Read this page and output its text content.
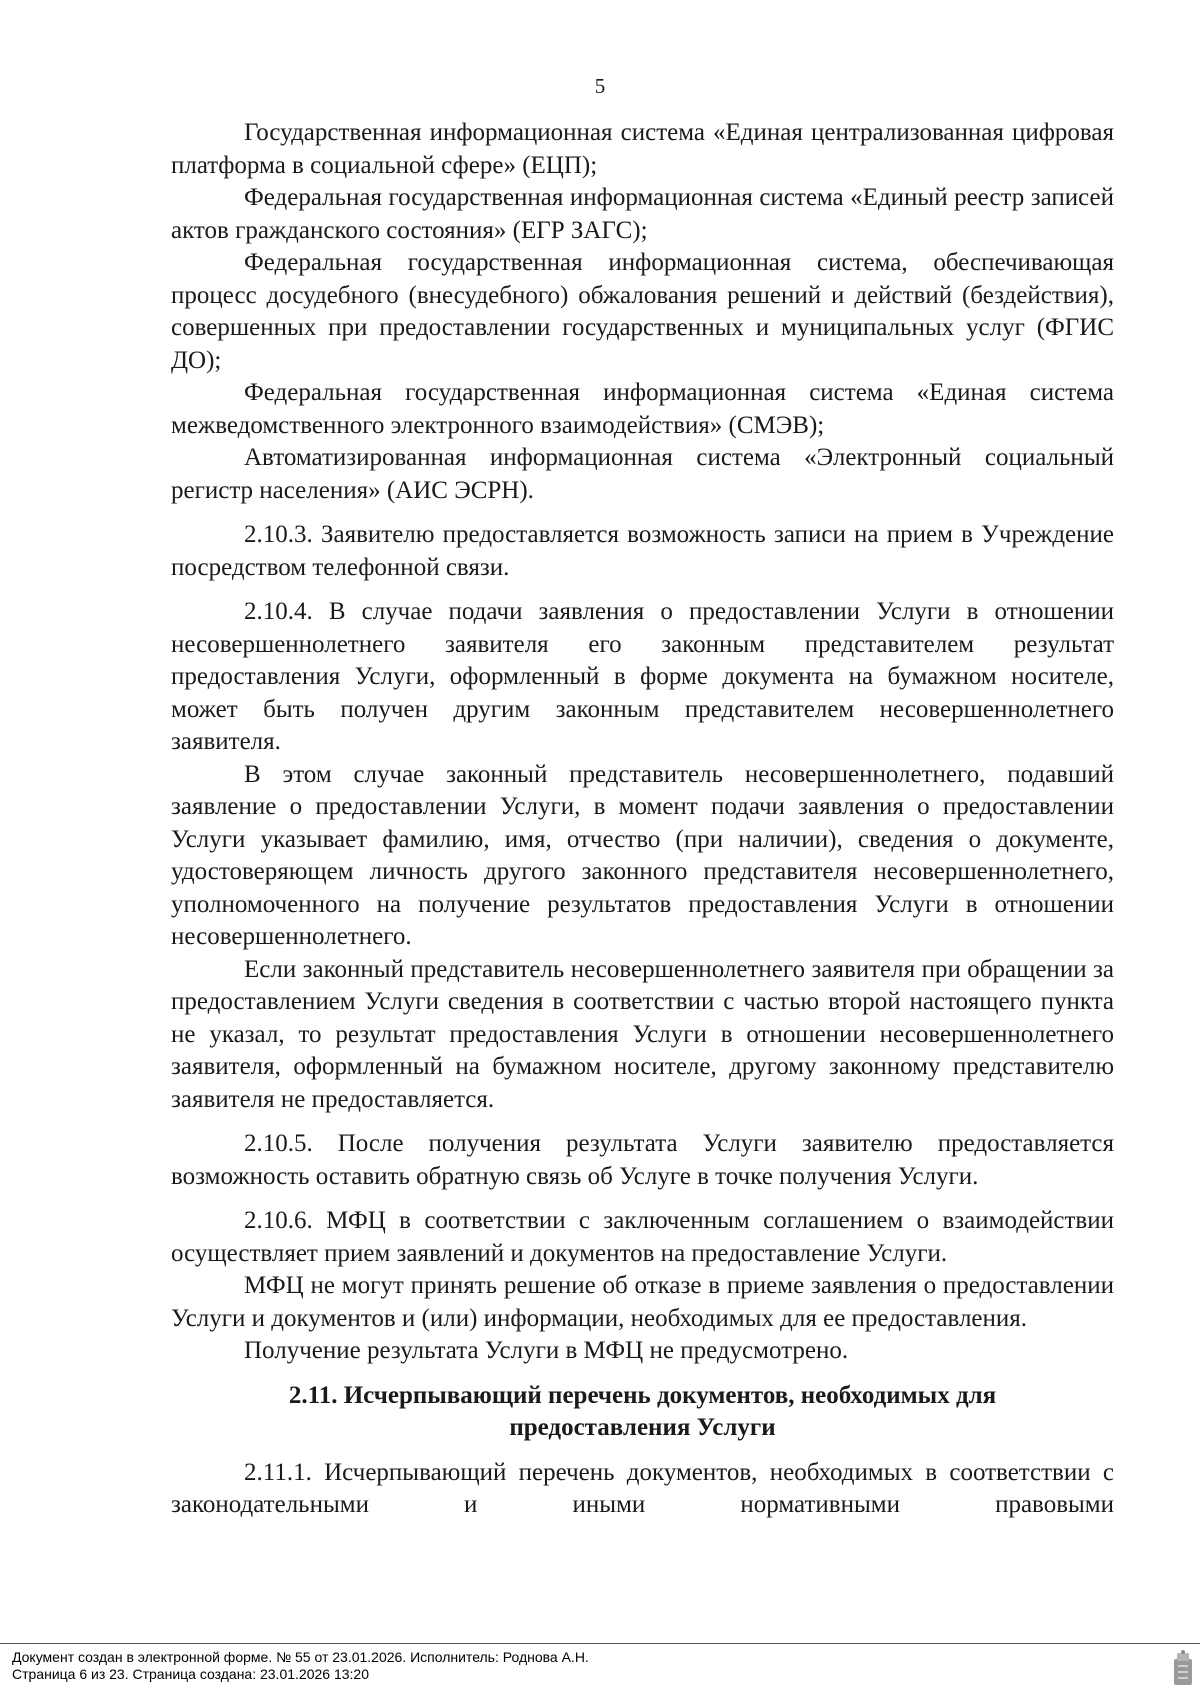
5

Государственная информационная система «Единая централизованная цифровая платформа в социальной сфере» (ЕЦП);

Федеральная государственная информационная система «Единый реестр записей актов гражданского состояния» (ЕГР ЗАГС);

Федеральная государственная информационная система, обеспечивающая процесс досудебного (внесудебного) обжалования решений и действий (бездействия), совершенных при предоставлении государственных и муниципальных услуг (ФГИС ДО);

Федеральная государственная информационная система «Единая система межведомственного электронного взаимодействия» (СМЭВ);

Автоматизированная информационная система «Электронный социальный регистр населения» (АИС ЭСРН).

2.10.3. Заявителю предоставляется возможность записи на прием в Учреждение посредством телефонной связи.

2.10.4. В случае подачи заявления о предоставлении Услуги в отношении несовершеннолетнего заявителя его законным представителем результат предоставления Услуги, оформленный в форме документа на бумажном носителе, может быть получен другим законным представителем несовершеннолетнего заявителя.

В этом случае законный представитель несовершеннолетнего, подавший заявление о предоставлении Услуги, в момент подачи заявления о предоставлении Услуги указывает фамилию, имя, отчество (при наличии), сведения о документе, удостоверяющем личность другого законного представителя несовершеннолетнего, уполномоченного на получение результатов предоставления Услуги в отношении несовершеннолетнего.

Если законный представитель несовершеннолетнего заявителя при обращении за предоставлением Услуги сведения в соответствии с частью второй настоящего пункта не указал, то результат предоставления Услуги в отношении несовершеннолетнего заявителя, оформленный на бумажном носителе, другому законному представителю заявителя не предоставляется.

2.10.5. После получения результата Услуги заявителю предоставляется возможность оставить обратную связь об Услуге в точке получения Услуги.

2.10.6. МФЦ в соответствии с заключенным соглашением о взаимодействии осуществляет прием заявлений и документов на предоставление Услуги.

МФЦ не могут принять решение об отказе в приеме заявления о предоставлении Услуги и документов и (или) информации, необходимых для ее предоставления.

Получение результата Услуги в МФЦ не предусмотрено.

2.11. Исчерпывающий перечень документов, необходимых для предоставления Услуги

2.11.1. Исчерпывающий перечень документов, необходимых в соответствии с законодательными и иными нормативными правовыми

Документ создан в электронной форме. № 55 от 23.01.2026. Исполнитель: Роднова А.Н.
Страница 6 из 23. Страница создана: 23.01.2026 13:20
